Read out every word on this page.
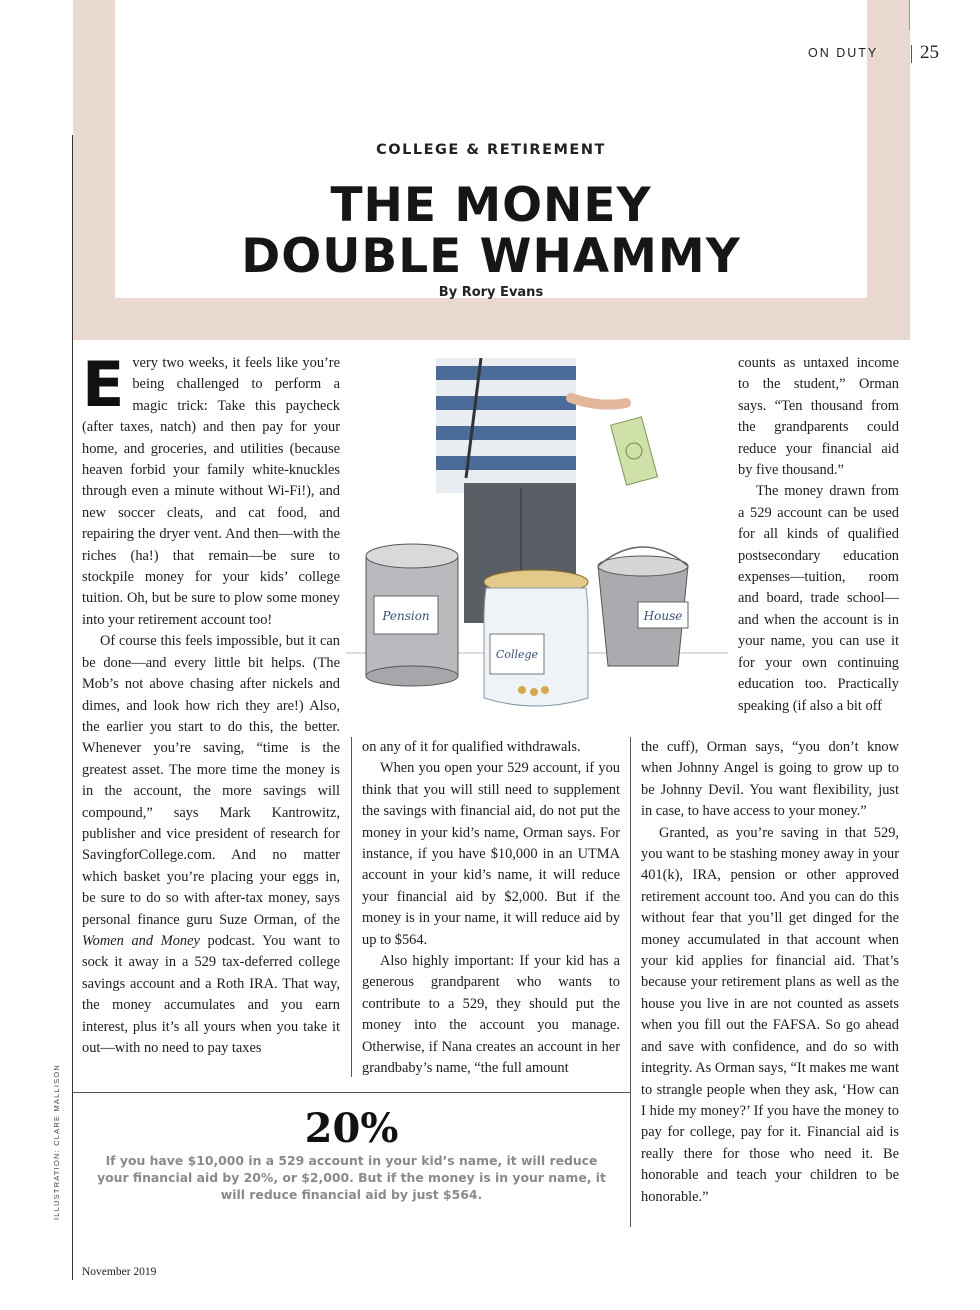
ON DUTY 25
COLLEGE & RETIREMENT
THE MONEY
DOUBLE WHAMMY
By Rory Evans

Every two weeks, it feels like you’re being challenged to perform a magic trick: Take this paycheck (after taxes, natch) and then pay for your home, and groceries, and utilities (because heaven forbid your family white-knuckles through even a minute without Wi-Fi!), and new soccer cleats, and cat food, and repairing the dryer vent. And then—with the riches (ha!) that remain—be sure to stockpile money for your kids’ college tuition. Oh, but be sure to plow some money into your retirement account too!

Of course this feels impossible, but it can be done—and every little bit helps. (The Mob’s not above chasing after nickels and dimes, and look how rich they are!) Also, the earlier you start to do this, the better. Whenever you’re saving, “time is the greatest asset. The more time the money is in the account, the more savings will compound,” says Mark Kantrowitz, publisher and vice president of research for SavingforCollege.com. And no matter which basket you’re placing your eggs in, be sure to do so with after-tax money, says personal finance guru Suze Orman, of the Women and Money podcast. You want to sock it away in a 529 tax-deferred college savings account and a Roth IRA. That way, the money accumulates and you earn interest, plus it’s all yours when you take it out—with no need to pay taxes

Pension
College
House

counts as untaxed income to the student,” Orman says. “Ten thousand from the grandparents could reduce your financial aid by five thousand.”

The money drawn from a 529 account can be used for all kinds of qualified postsecondary education expenses—tuition, room and board, trade school—and when the account is in your name, you can use it for your own continuing education too. Practically speaking (if also a bit off

on any of it for qualified withdrawals.

When you open your 529 account, if you think that you will still need to supplement the savings with financial aid, do not put the money in your kid’s name, Orman says. For instance, if you have $10,000 in an UTMA account in your kid’s name, it will reduce your financial aid by $2,000. But if the money is in your name, it will reduce aid by up to $564.

Also highly important: If your kid has a generous grandparent who wants to contribute to a 529, they should put the money into the account you manage. Otherwise, if Nana creates an account in her grandbaby’s name, “the full amount

the cuff), Orman says, “you don’t know when Johnny Angel is going to grow up to be Johnny Devil. You want flexibility, just in case, to have access to your money.”

Granted, as you’re saving in that 529, you want to be stashing money away in your 401(k), IRA, pension or other approved retirement account too. And you can do this without fear that you’ll get dinged for the money accumulated in that account when your kid applies for financial aid. That’s because your retirement plans as well as the house you live in are not counted as assets when you fill out the FAFSA. So go ahead and save with confidence, and do so with integrity. As Orman says, “It makes me want to strangle people when they ask, ‘How can I hide my money?’ If you have the money to pay for college, pay for it. Financial aid is really there for those who need it. Be honorable and teach your children to be honorable.”

20%
If you have $10,000 in a 529 account in your kid’s name, it will reduce your financial aid by 20%, or $2,000. But if the money is in your name, it will reduce financial aid by just $564.
ILLUSTRATION: CLARE MALLISON
November 2019
